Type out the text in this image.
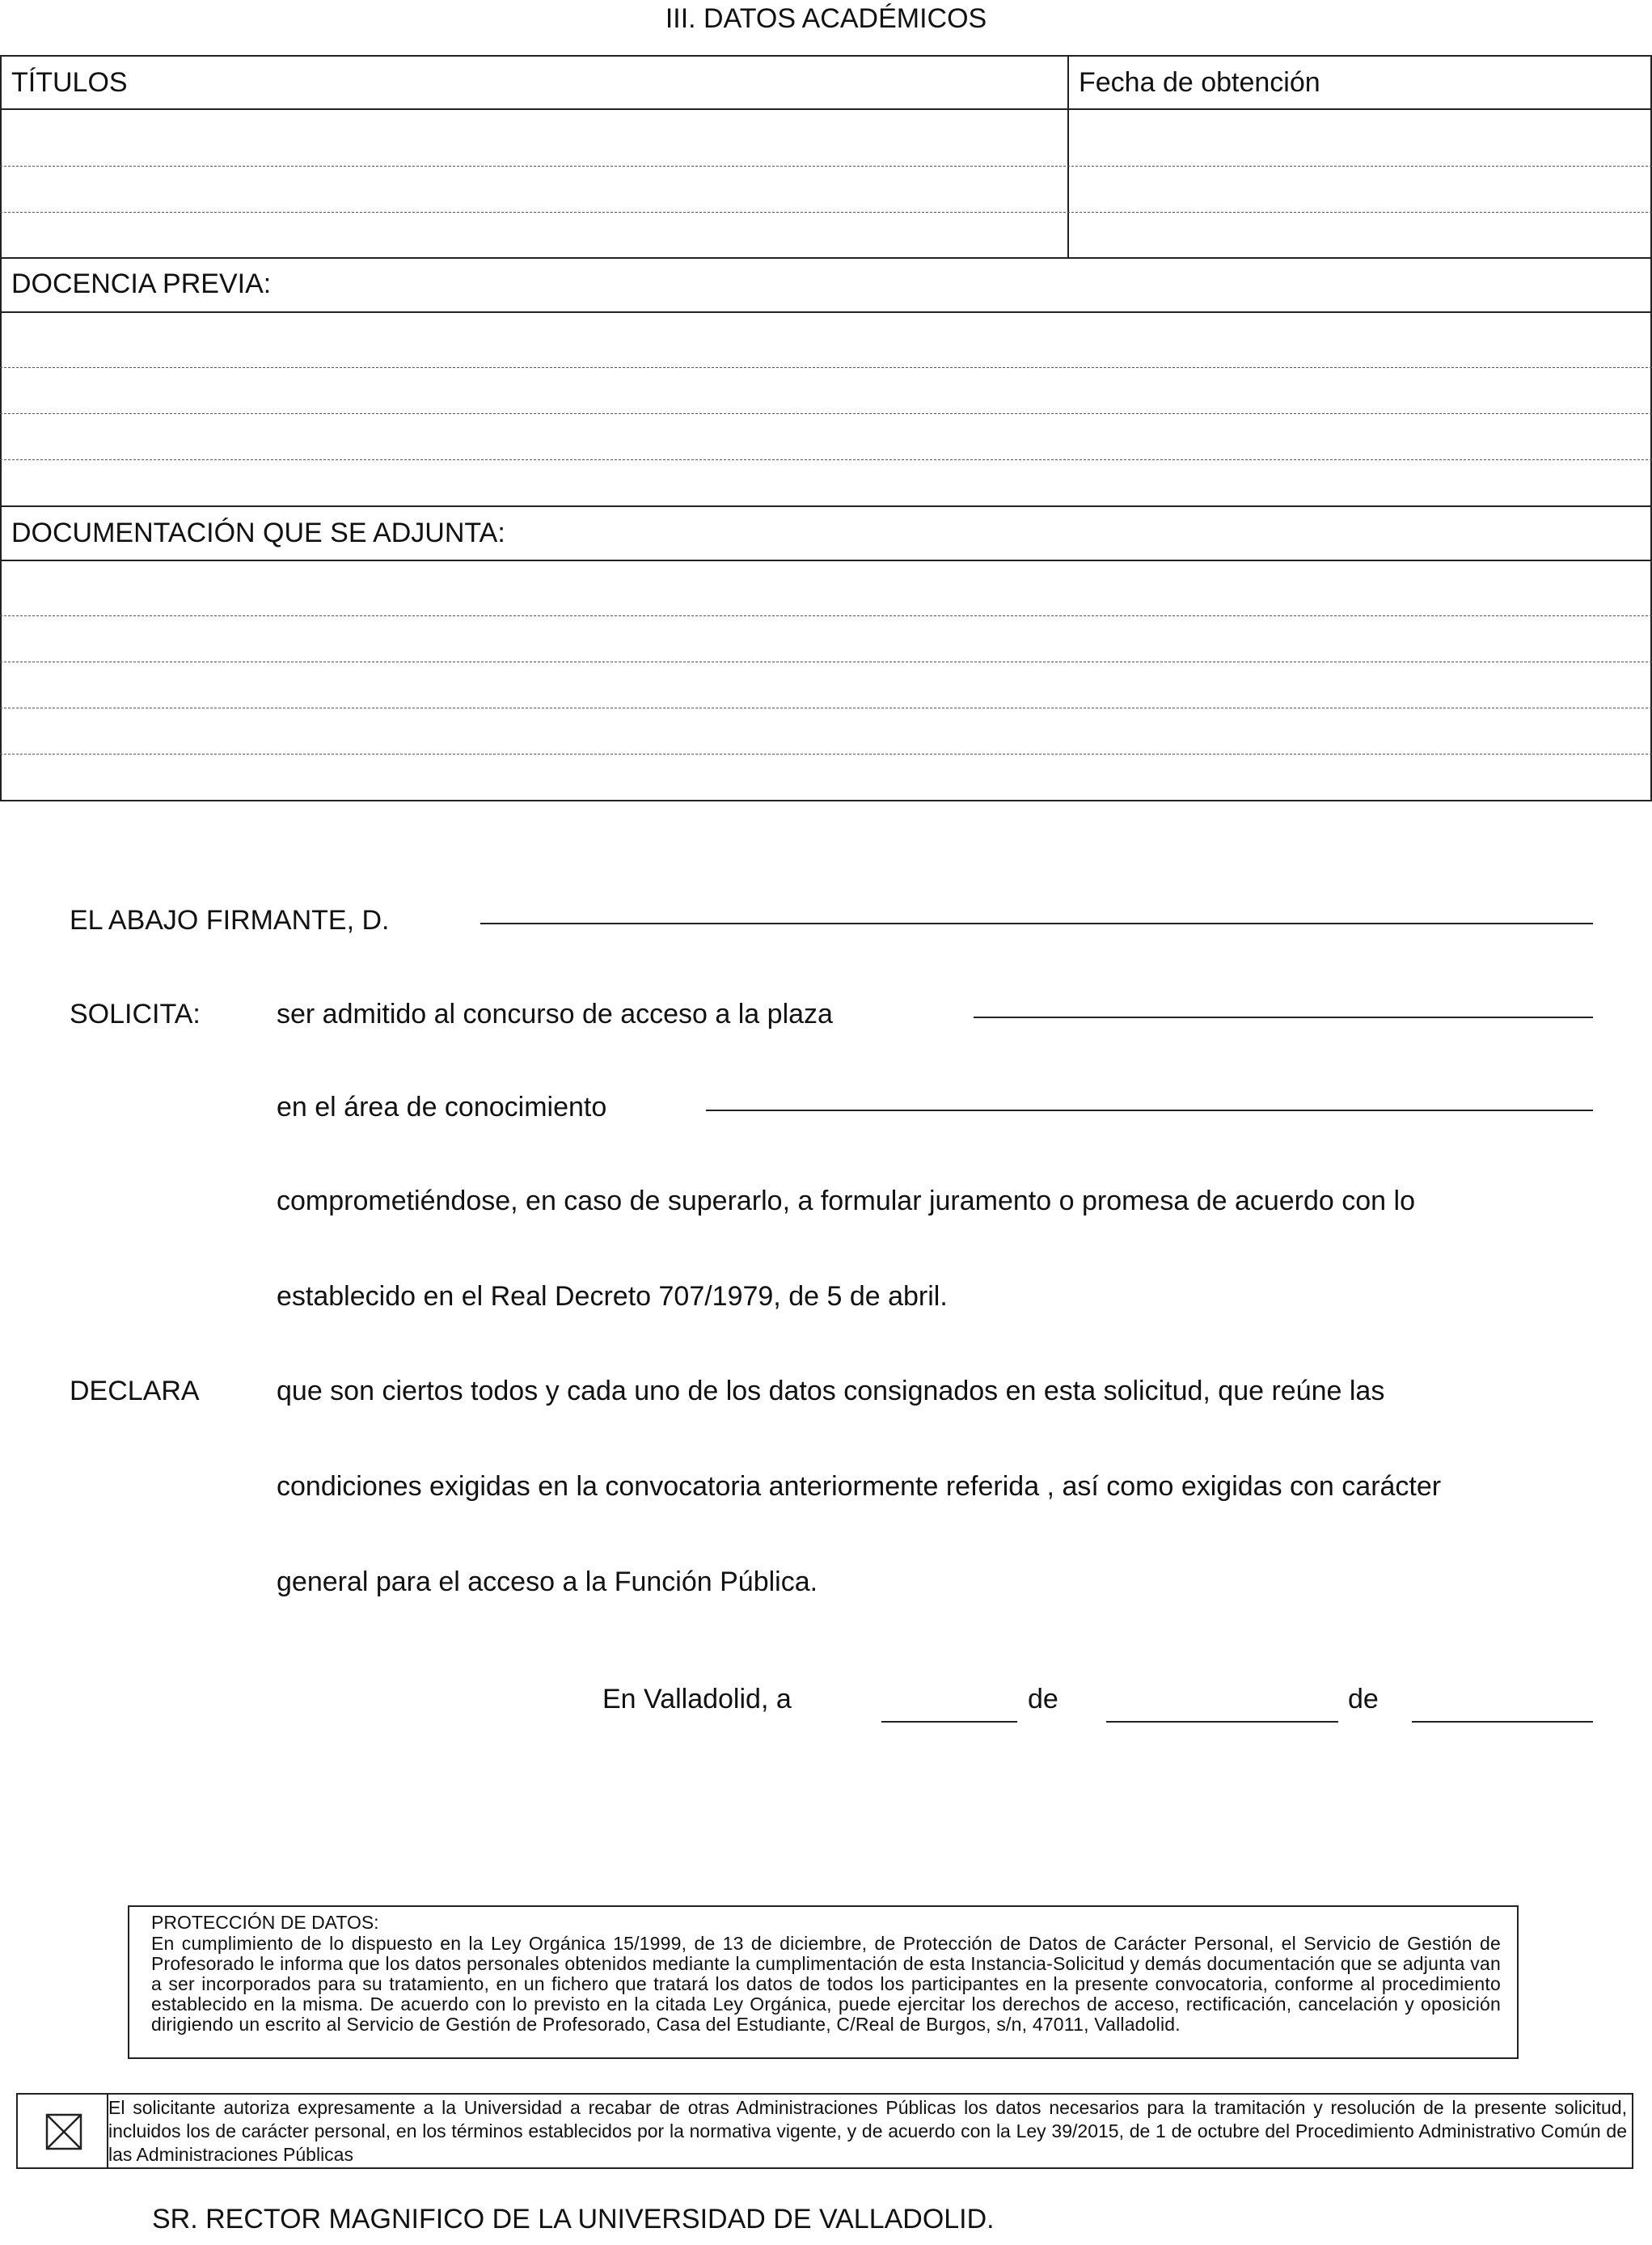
III. DATOS ACADÉMICOS
TÍTULOS	Fecha de obtención
DOCENCIA PREVIA:
DOCUMENTACIÓN QUE SE ADJUNTA:
EL ABAJO FIRMANTE, D.
SOLICITA:	ser admitido al concurso de acceso a la plaza
en el área de conocimiento
comprometiéndose, en caso de superarlo, a formular juramento o promesa de acuerdo con lo
establecido en el Real Decreto 707/1979, de 5 de abril.
DECLARA	que son ciertos todos y cada uno de los datos consignados en esta solicitud, que reúne las
condiciones exigidas en la convocatoria anteriormente referida , así como exigidas con carácter
general para el acceso a la Función Pública.
En Valladolid, a	de	de
PROTECCIÓN DE DATOS:
En cumplimiento de lo dispuesto en la Ley Orgánica 15/1999, de 13 de diciembre, de Protección de Datos de Carácter Personal, el Servicio de Gestión de Profesorado le informa que los datos personales obtenidos mediante la cumplimentación de esta Instancia-Solicitud y demás documentación que se adjunta van a ser incorporados para su tratamiento, en un fichero que tratará los datos de todos los participantes en la presente convocatoria, conforme al procedimiento establecido en la misma. De acuerdo con lo previsto en la citada Ley Orgánica, puede ejercitar los derechos de acceso, rectificación, cancelación y oposición dirigiendo un escrito al Servicio de Gestión de Profesorado, Casa del Estudiante, C/Real de Burgos, s/n, 47011, Valladolid.
El solicitante autoriza expresamente a la Universidad a recabar de otras Administraciones Públicas los datos necesarios para la tramitación y resolución de la presente solicitud, incluidos los de carácter personal, en los términos establecidos por la normativa vigente, y de acuerdo con la Ley 39/2015, de 1 de octubre del Procedimiento Administrativo Común de las Administraciones Públicas
SR. RECTOR MAGNIFICO DE LA UNIVERSIDAD DE VALLADOLID.
